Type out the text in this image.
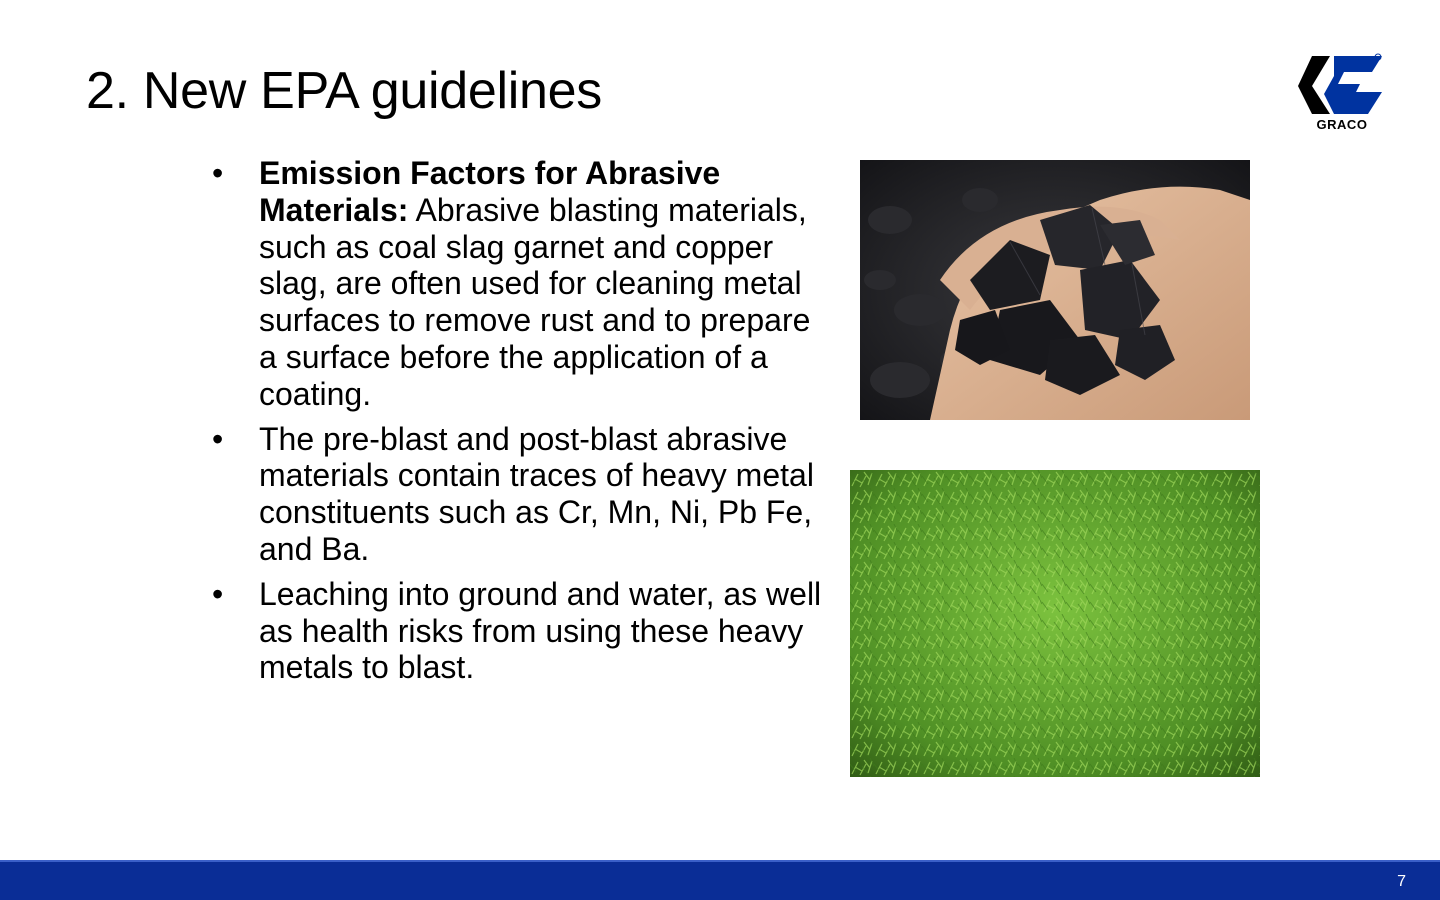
2. New EPA guidelines
GRACO
• Emission Factors for Abrasive Materials: Abrasive blasting materials, such as coal slag garnet and copper slag, are often used for cleaning metal surfaces to remove rust and to prepare a surface before the application of a coating.
• The pre-blast and post-blast abrasive materials contain traces of heavy metal constituents such as Cr, Mn, Ni, Pb Fe, and Ba.
• Leaching into ground and water, as well as health risks from using these heavy metals to blast.
7
